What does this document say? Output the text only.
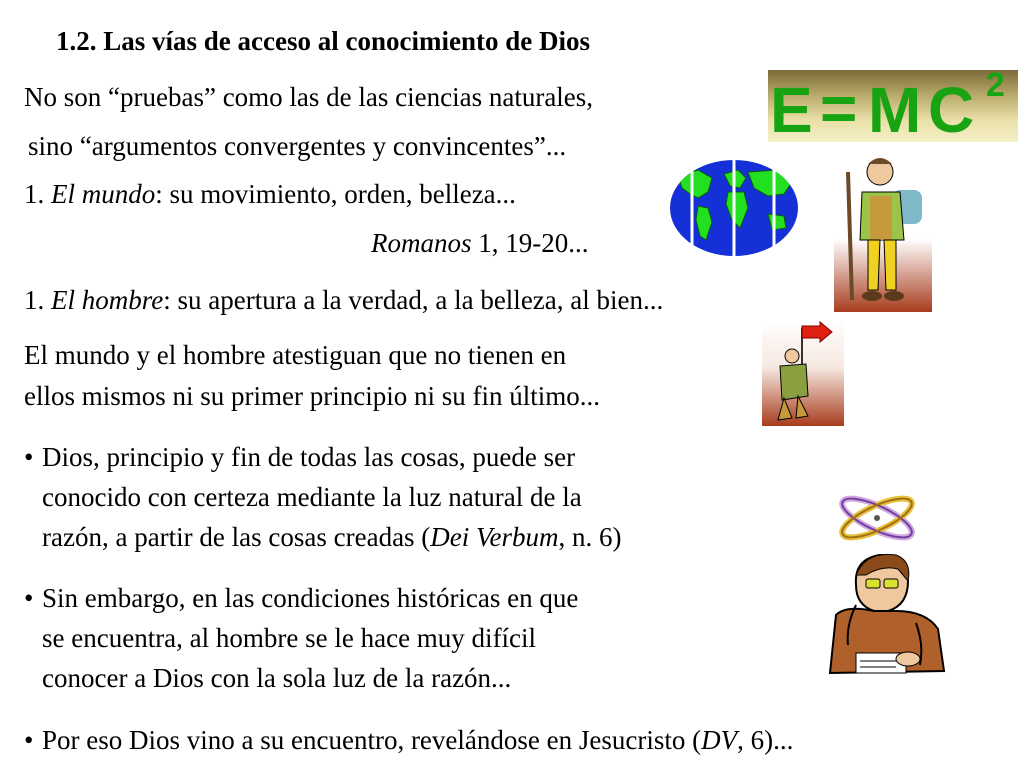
1.2. Las vías de acceso al conocimiento de Dios
No son “pruebas” como las de las ciencias naturales,
sino “argumentos convergentes y convincentes”...
1. El mundo: su movimiento, orden, belleza...
Romanos 1, 19-20...
1. El hombre: su apertura a la verdad, a la belleza, al bien...
El mundo y el hombre atestiguan que no tienen en
ellos mismos ni su primer principio ni su fin último...
• Dios, principio y fin de todas las cosas, puede ser
conocido con certeza mediante la luz natural de la
razón, a partir de las cosas creadas (Dei Verbum, n. 6)
• Sin embargo, en las condiciones históricas en que
se encuentra, al hombre se le hace muy difícil
conocer a Dios con la sola luz de la razón...
• Por eso Dios vino a su encuentro, revelándose en Jesucristo (DV, 6)...
E = M C 2
